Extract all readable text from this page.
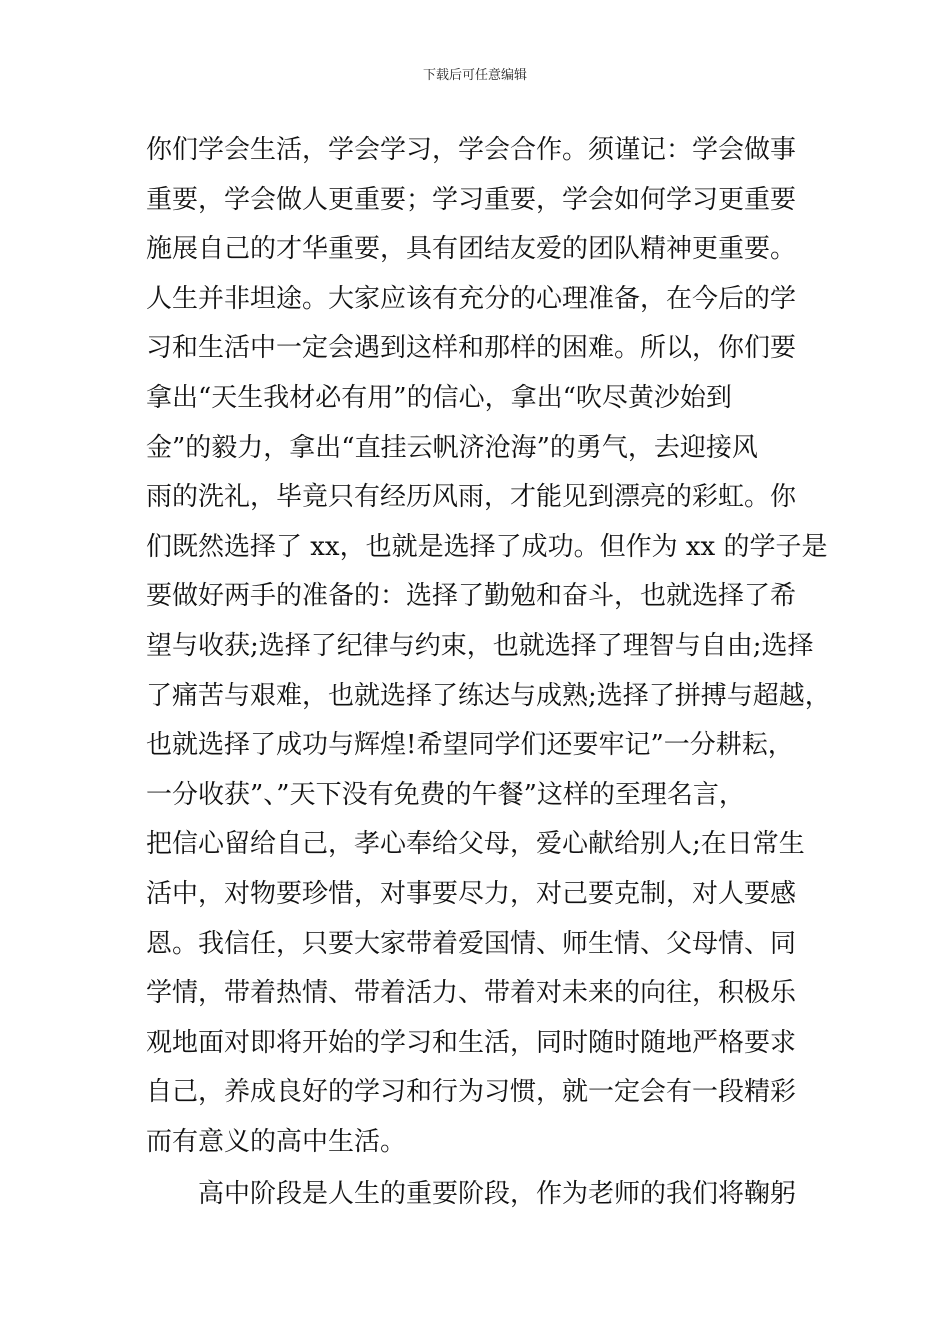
下载后可任意编辑
你们学会生活，学会学习，学会合作。须谨记：学会做事
重要，学会做人更重要；学习重要，学会如何学习更重要
施展自己的才华重要，具有团结友爱的团队精神更重要。
人生并非坦途。大家应该有充分的心理准备，在今后的学
习和生活中一定会遇到这样和那样的困难。所以，你们要
拿出“天生我材必有用”的信心，拿出“吹尽黄沙始到
金”的毅力，拿出“直挂云帆济沧海”的勇气，去迎接风
雨的洗礼，毕竟只有经历风雨，才能见到漂亮的彩虹。你
们既然选择了 xx，也就是选择了成功。但作为 xx 的学子是
要做好两手的准备的：选择了勤勉和奋斗，也就选择了希
望与收获;选择了纪律与约束，也就选择了理智与自由;选择
了痛苦与艰难，也就选择了练达与成熟;选择了拼搏与超越，
也就选择了成功与辉煌!希望同学们还要牢记”一分耕耘，
一分收获”、”天下没有免费的午餐”这样的至理名言，
把信心留给自己，孝心奉给父母，爱心献给别人;在日常生
活中，对物要珍惜，对事要尽力，对己要克制，对人要感
恩。我信任，只要大家带着爱国情、师生情、父母情、同
学情，带着热情、带着活力、带着对未来的向往，积极乐
观地面对即将开始的学习和生活，同时随时随地严格要求
自己，养成良好的学习和行为习惯，就一定会有一段精彩
而有意义的高中生活。
高中阶段是人生的重要阶段，作为老师的我们将鞠躬
